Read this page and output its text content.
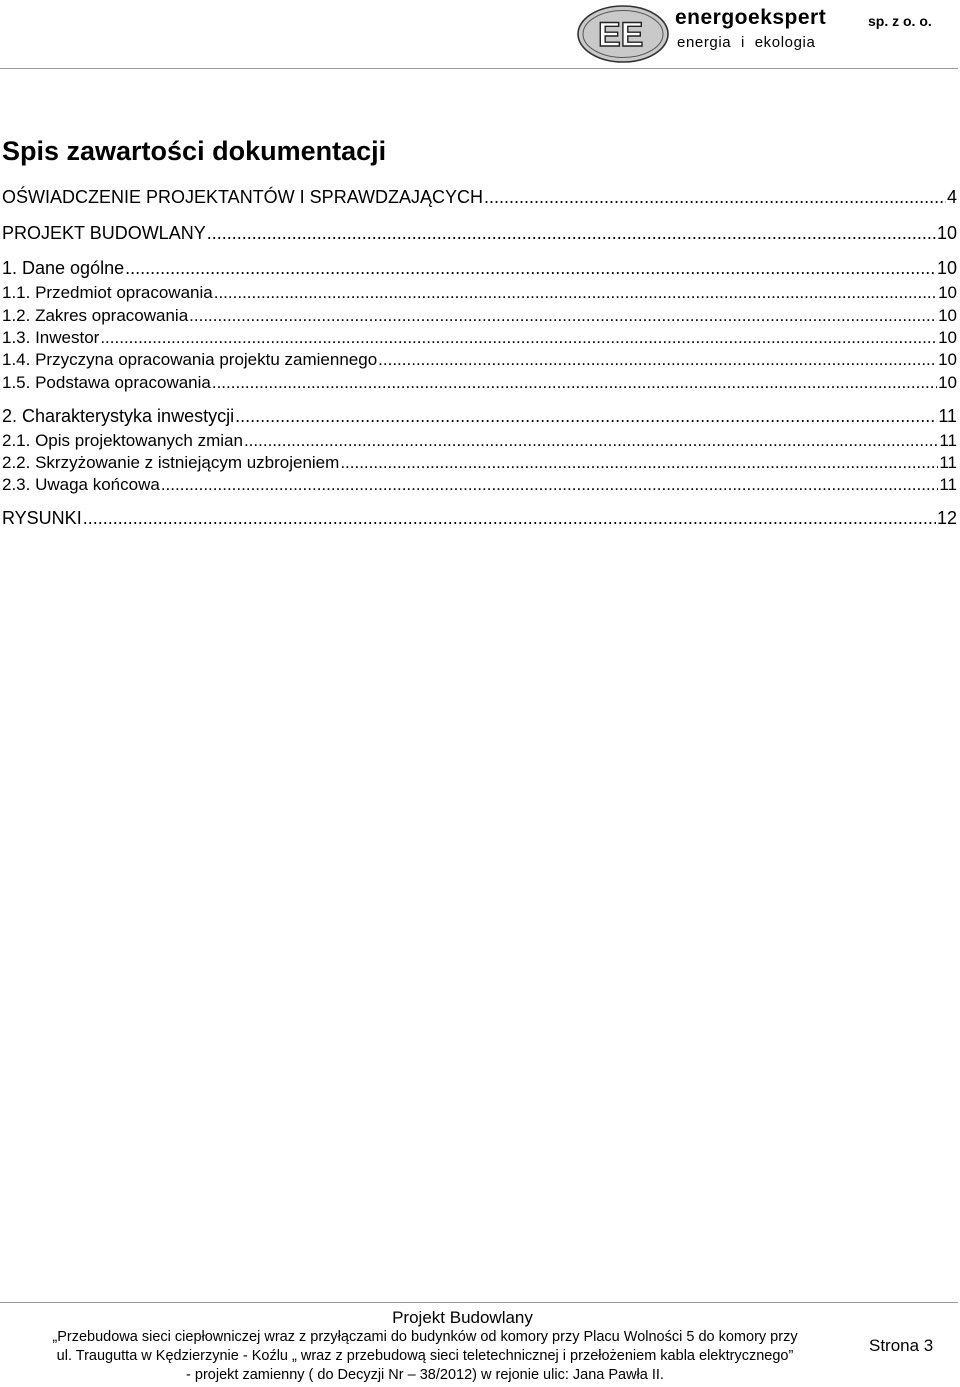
EE energoekspert	sp. z o. o.
energia i ekologia
Spis zawartości dokumentacji
OŚWIADCZENIE PROJEKTANTÓW I SPRAWDZAJĄCYCH .....	4
PROJEKT BUDOWLANY .....	10
1. Dane ogólne .....	10
1.1. Przedmiot opracowania .....	10
1.2. Zakres opracowania .....	10
1.3. Inwestor .....	10
1.4. Przyczyna opracowania projektu zamiennego .....	10
1.5. Podstawa opracowania .....	10
2. Charakterystyka inwestycji .....	11
2.1. Opis projektowanych zmian .....	11
2.2. Skrzyżowanie z istniejącym uzbrojeniem .....	11
2.3. Uwaga końcowa .....	11
RYSUNKI .....	12
Projekt Budowlany
„Przebudowa sieci ciepłowniczej wraz z przyłączami do budynków od komory przy Placu Wolności 5 do komory przy
ul. Traugutta w Kędzierzynie - Koźlu „ wraz z przebudową sieci teletechnicznej i przełożeniem kabla elektrycznego”
- projekt zamienny ( do Decyzji Nr – 38/2012) w rejonie ulic: Jana Pawła II.
Strona 3
